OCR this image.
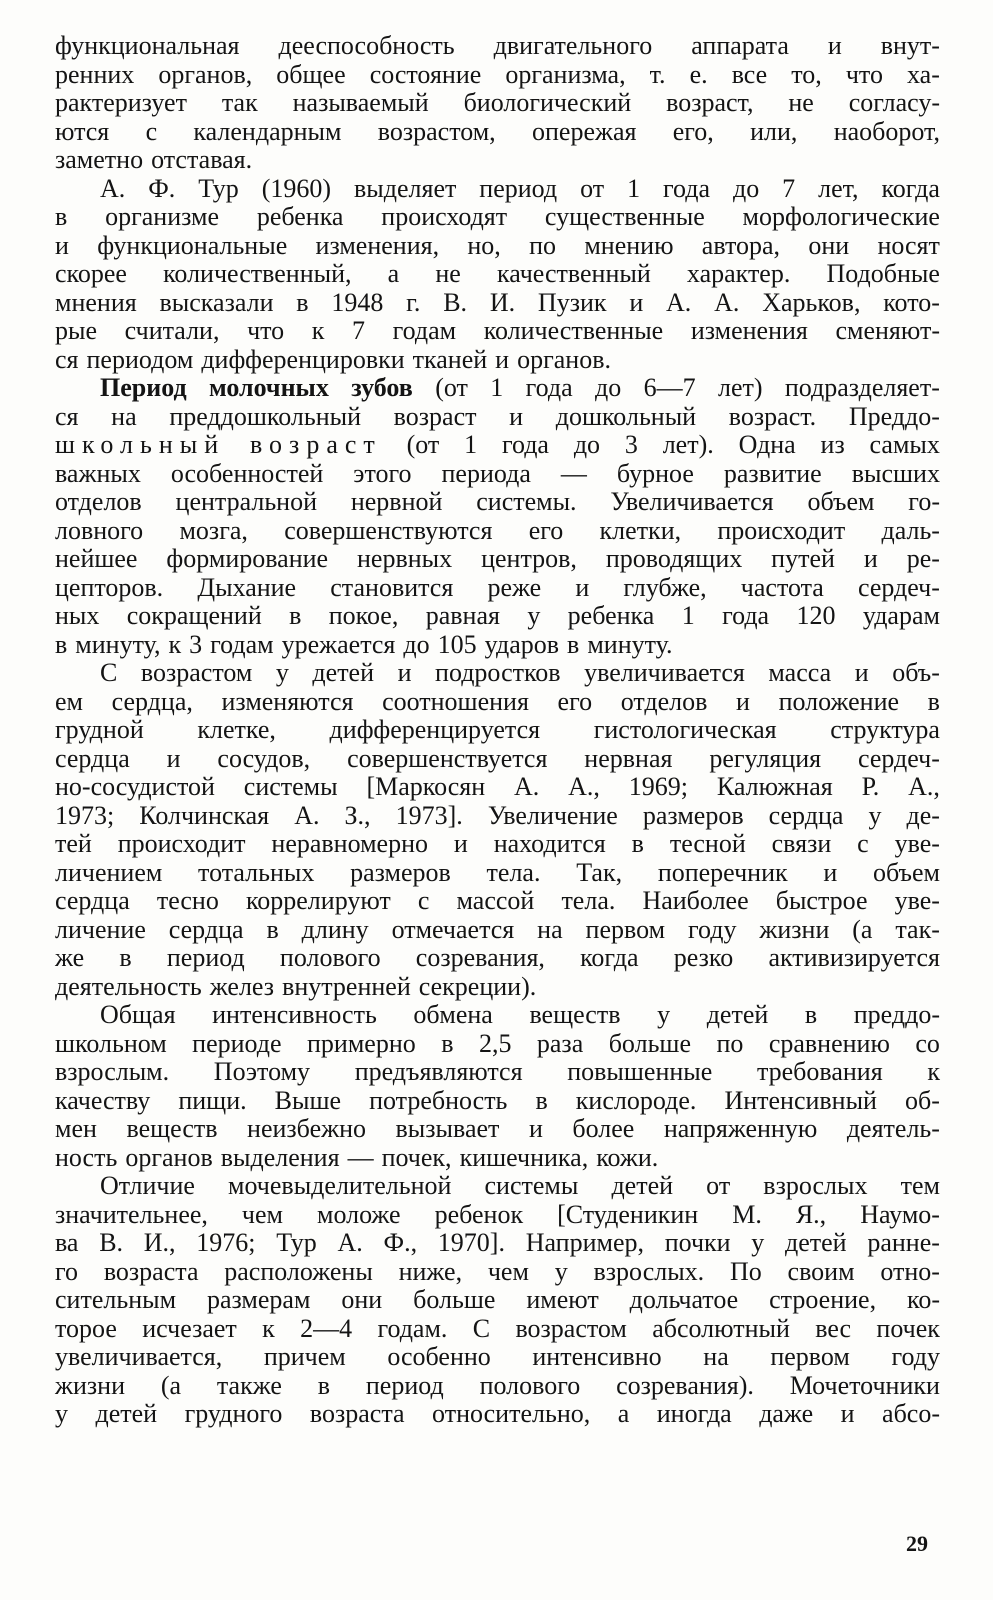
функциональная дееспособность двигательного аппарата и внут-
ренних органов, общее состояние организма, т. е. все то, что ха-
рактеризует так называемый биологический возраст, не согласу-
ются с календарным возрастом, опережая его, или, наоборот,
заметно отставая.
А. Ф. Тур (1960) выделяет период от 1 года до 7 лет, когда
в организме ребенка происходят существенные морфологические
и функциональные изменения, но, по мнению автора, они носят
скорее количественный, а не качественный характер. Подобные
мнения высказали в 1948 г. В. И. Пузик и А. А. Харьков, кото-
рые считали, что к 7 годам количественные изменения сменяют-
ся периодом дифференцировки тканей и органов.
Период молочных зубов (от 1 года до 6—7 лет) подразделяет-
ся на преддошкольный возраст и дошкольный возраст. Преддо-
школьный возраст (от 1 года до 3 лет). Одна из самых
важных особенностей этого периода — бурное развитие высших
отделов центральной нервной системы. Увеличивается объем го-
ловного мозга, совершенствуются его клетки, происходит даль-
нейшее формирование нервных центров, проводящих путей и ре-
цепторов. Дыхание становится реже и глубже, частота сердеч-
ных сокращений в покое, равная у ребенка 1 года 120 ударам
в минуту, к 3 годам урежается до 105 ударов в минуту.
С возрастом у детей и подростков увеличивается масса и объ-
ем сердца, изменяются соотношения его отделов и положение в
грудной клетке, дифференцируется гистологическая структура
сердца и сосудов, совершенствуется нервная регуляция сердеч-
но-сосудистой системы [Маркосян А. А., 1969; Калюжная Р. А.,
1973; Колчинская А. З., 1973]. Увеличение размеров сердца у де-
тей происходит неравномерно и находится в тесной связи с уве-
личением тотальных размеров тела. Так, поперечник и объем
сердца тесно коррелируют с массой тела. Наиболее быстрое уве-
личение сердца в длину отмечается на первом году жизни (а так-
же в период полового созревания, когда резко активизируется
деятельность желез внутренней секреции).
Общая интенсивность обмена веществ у детей в преддо-
школьном периоде примерно в 2,5 раза больше по сравнению со
взрослым. Поэтому предъявляются повышенные требования к
качеству пищи. Выше потребность в кислороде. Интенсивный об-
мен веществ неизбежно вызывает и более напряженную деятель-
ность органов выделения — почек, кишечника, кожи.
Отличие мочевыделительной системы детей от взрослых тем
значительнее, чем моложе ребенок [Студеникин М. Я., Наумо-
ва В. И., 1976; Тур А. Ф., 1970]. Например, почки у детей ранне-
го возраста расположены ниже, чем у взрослых. По своим отно-
сительным размерам они больше имеют дольчатое строение, ко-
торое исчезает к 2—4 годам. С возрастом абсолютный вес почек
увеличивается, причем особенно интенсивно на первом году
жизни (а также в период полового созревания). Мочеточники
у детей грудного возраста относительно, а иногда даже и абсо-
29
